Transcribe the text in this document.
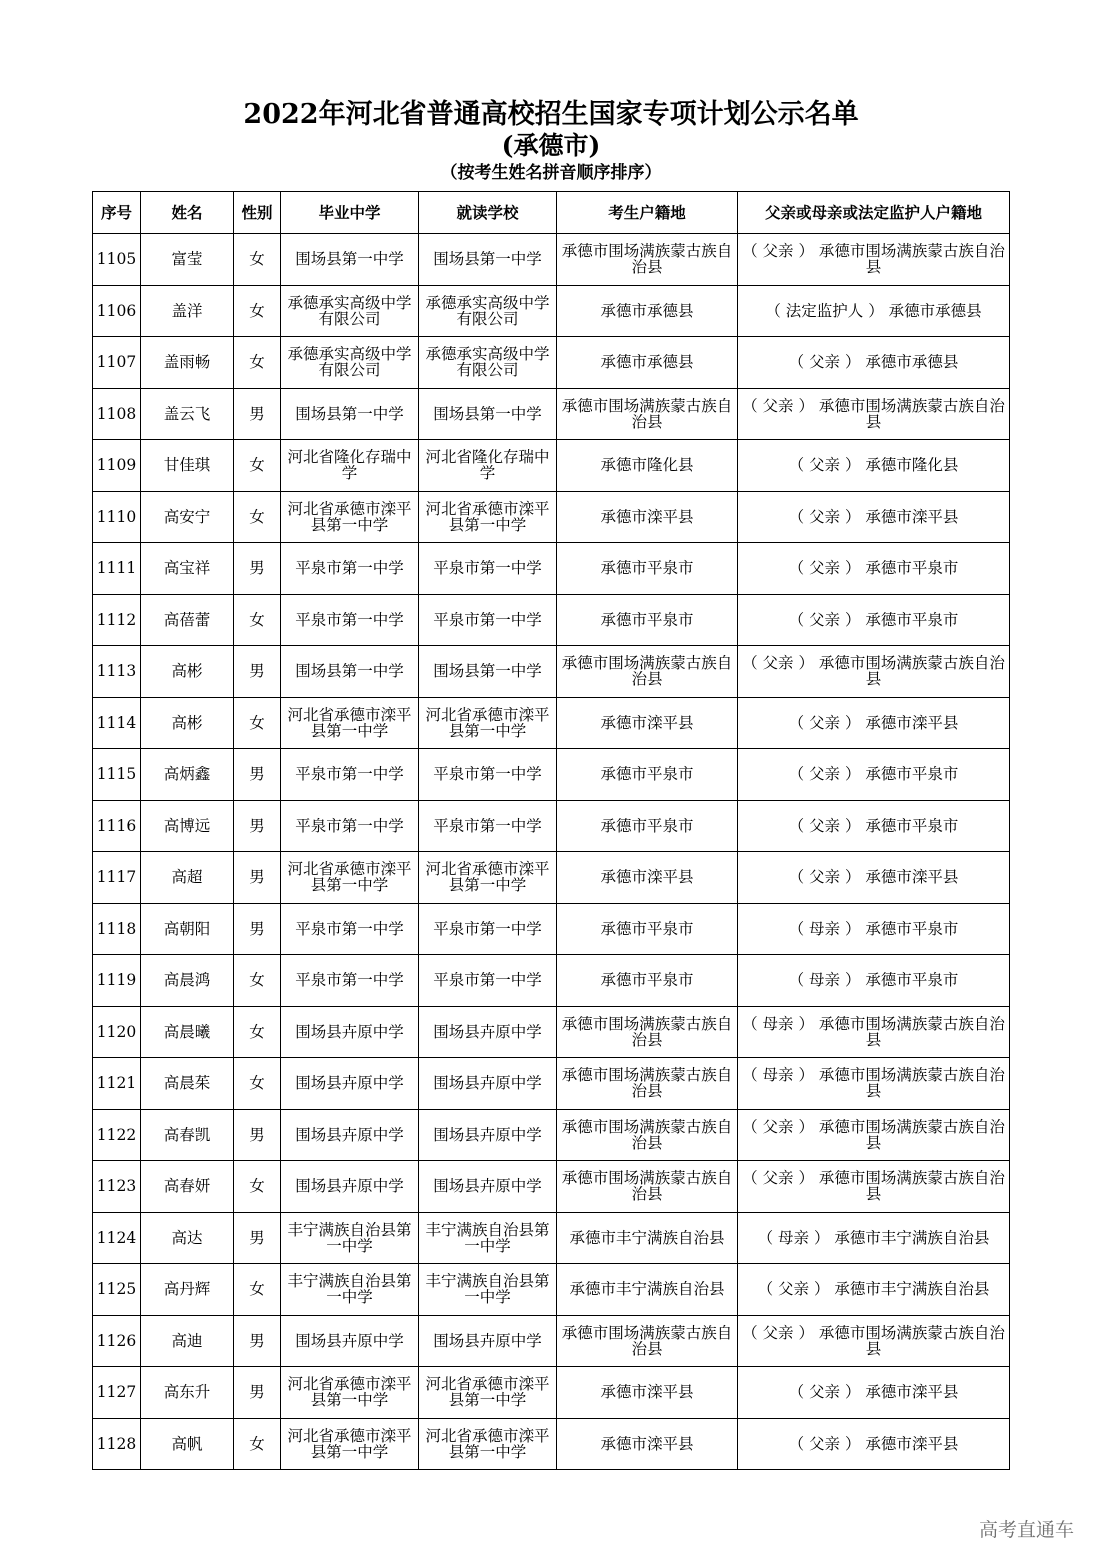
2022年河北省普通高校招生国家专项计划公示名单
(承德市)
（按考生姓名拼音顺序排序）
序号	姓名	性别	毕业中学	就读学校	考生户籍地	父亲或母亲或法定监护人户籍地
1105	富莹	女	围场县第一中学	围场县第一中学	承德市围场满族蒙古族自治县	（ 父亲 ） 承德市围场满族蒙古族自治县
1106	盖洋	女	承德承实高级中学有限公司	承德承实高级中学有限公司	承德市承德县	（ 法定监护人 ） 承德市承德县
1107	盖雨畅	女	承德承实高级中学有限公司	承德承实高级中学有限公司	承德市承德县	（ 父亲 ） 承德市承德县
1108	盖云飞	男	围场县第一中学	围场县第一中学	承德市围场满族蒙古族自治县	（ 父亲 ） 承德市围场满族蒙古族自治县
1109	甘佳琪	女	河北省隆化存瑞中学	河北省隆化存瑞中学	承德市隆化县	（ 父亲 ） 承德市隆化县
1110	高安宁	女	河北省承德市滦平县第一中学	河北省承德市滦平县第一中学	承德市滦平县	（ 父亲 ） 承德市滦平县
1111	高宝祥	男	平泉市第一中学	平泉市第一中学	承德市平泉市	（ 父亲 ） 承德市平泉市
1112	高蓓蕾	女	平泉市第一中学	平泉市第一中学	承德市平泉市	（ 父亲 ） 承德市平泉市
1113	高彬	男	围场县第一中学	围场县第一中学	承德市围场满族蒙古族自治县	（ 父亲 ） 承德市围场满族蒙古族自治县
1114	高彬	女	河北省承德市滦平县第一中学	河北省承德市滦平县第一中学	承德市滦平县	（ 父亲 ） 承德市滦平县
1115	高炳鑫	男	平泉市第一中学	平泉市第一中学	承德市平泉市	（ 父亲 ） 承德市平泉市
1116	高博远	男	平泉市第一中学	平泉市第一中学	承德市平泉市	（ 父亲 ） 承德市平泉市
1117	高超	男	河北省承德市滦平县第一中学	河北省承德市滦平县第一中学	承德市滦平县	（ 父亲 ） 承德市滦平县
1118	高朝阳	男	平泉市第一中学	平泉市第一中学	承德市平泉市	（ 母亲 ） 承德市平泉市
1119	高晨鸿	女	平泉市第一中学	平泉市第一中学	承德市平泉市	（ 母亲 ） 承德市平泉市
1120	高晨曦	女	围场县卉原中学	围场县卉原中学	承德市围场满族蒙古族自治县	（ 母亲 ） 承德市围场满族蒙古族自治县
1121	高晨茱	女	围场县卉原中学	围场县卉原中学	承德市围场满族蒙古族自治县	（ 母亲 ） 承德市围场满族蒙古族自治县
1122	高春凯	男	围场县卉原中学	围场县卉原中学	承德市围场满族蒙古族自治县	（ 父亲 ） 承德市围场满族蒙古族自治县
1123	高春妍	女	围场县卉原中学	围场县卉原中学	承德市围场满族蒙古族自治县	（ 父亲 ） 承德市围场满族蒙古族自治县
1124	高达	男	丰宁满族自治县第一中学	丰宁满族自治县第一中学	承德市丰宁满族自治县	（ 母亲 ） 承德市丰宁满族自治县
1125	高丹辉	女	丰宁满族自治县第一中学	丰宁满族自治县第一中学	承德市丰宁满族自治县	（ 父亲 ） 承德市丰宁满族自治县
1126	高迪	男	围场县卉原中学	围场县卉原中学	承德市围场满族蒙古族自治县	（ 父亲 ） 承德市围场满族蒙古族自治县
1127	高东升	男	河北省承德市滦平县第一中学	河北省承德市滦平县第一中学	承德市滦平县	（ 父亲 ） 承德市滦平县
1128	高帆	女	河北省承德市滦平县第一中学	河北省承德市滦平县第一中学	承德市滦平县	（ 父亲 ） 承德市滦平县
高考直通车
